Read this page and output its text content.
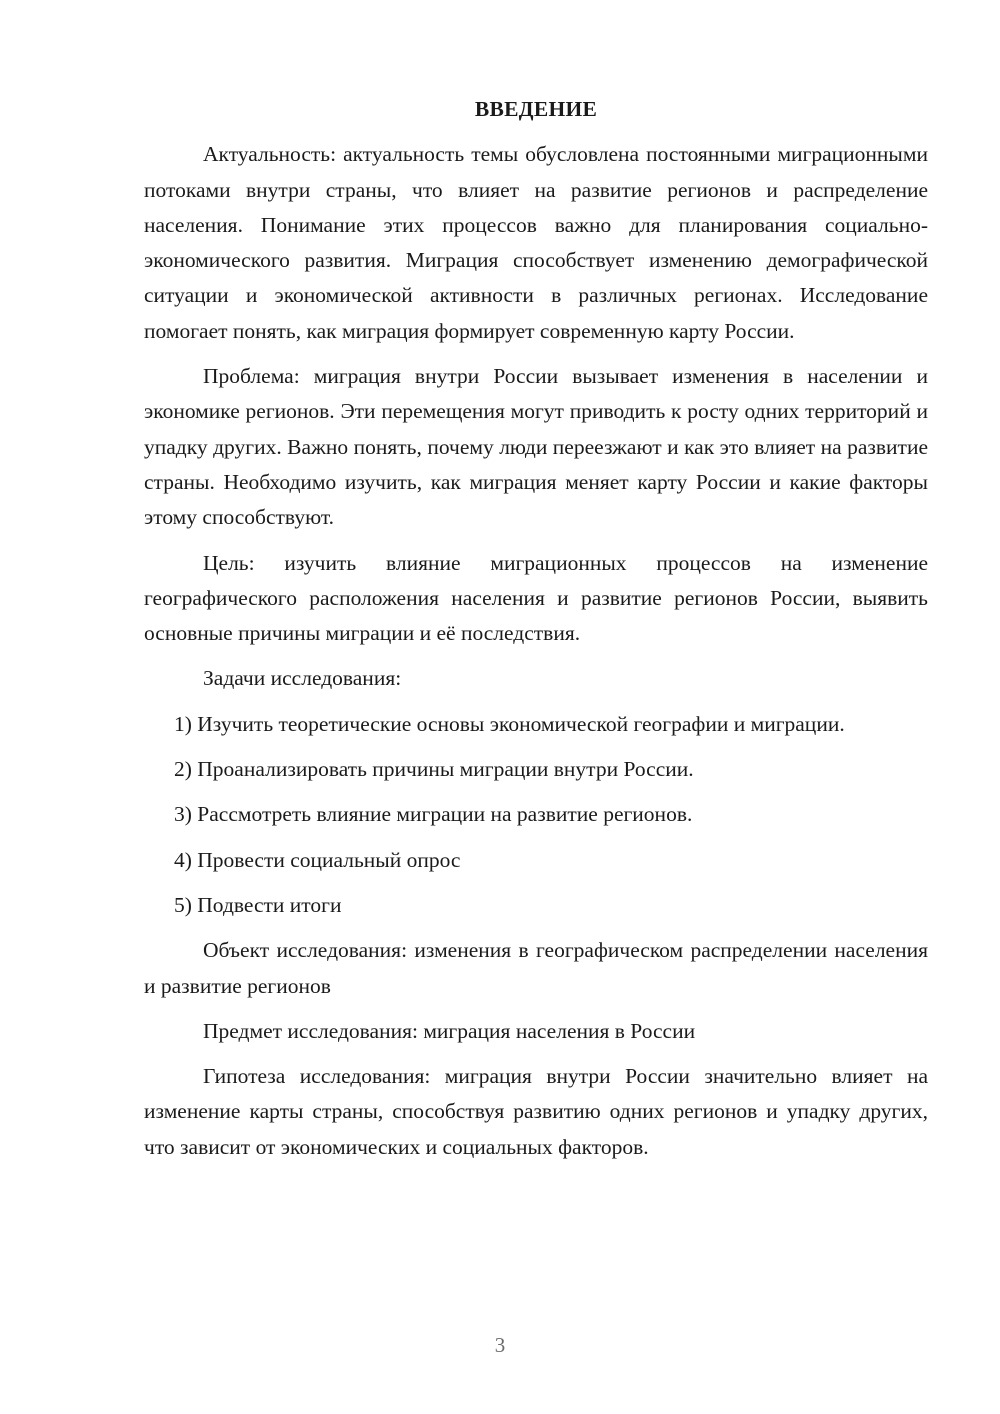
ВВЕДЕНИЕ

Актуальность: актуальность темы обусловлена постоянными миграционными потоками внутри страны, что влияет на развитие регионов и распределение населения. Понимание этих процессов важно для планирования социально-экономического развития. Миграция способствует изменению демографической ситуации и экономической активности в различных регионах. Исследование помогает понять, как миграция формирует современную карту России.

Проблема: миграция внутри России вызывает изменения в населении и экономике регионов. Эти перемещения могут приводить к росту одних территорий и упадку других. Важно понять, почему люди переезжают и как это влияет на развитие страны. Необходимо изучить, как миграция меняет карту России и какие факторы этому способствуют.

Цель: изучить влияние миграционных процессов на изменение географического расположения населения и развитие регионов России, выявить основные причины миграции и её последствия.

Задачи исследования:

1) Изучить теоретические основы экономической географии и миграции.

2) Проанализировать причины миграции внутри России.

3) Рассмотреть влияние миграции на развитие регионов.

4) Провести социальный опрос

5) Подвести итоги

Объект исследования: изменения в географическом распределении населения и развитие регионов

Предмет исследования: миграция населения в России

Гипотеза исследования: миграция внутри России значительно влияет на изменение карты страны, способствуя развитию одних регионов и упадку других, что зависит от экономических и социальных факторов.

3
